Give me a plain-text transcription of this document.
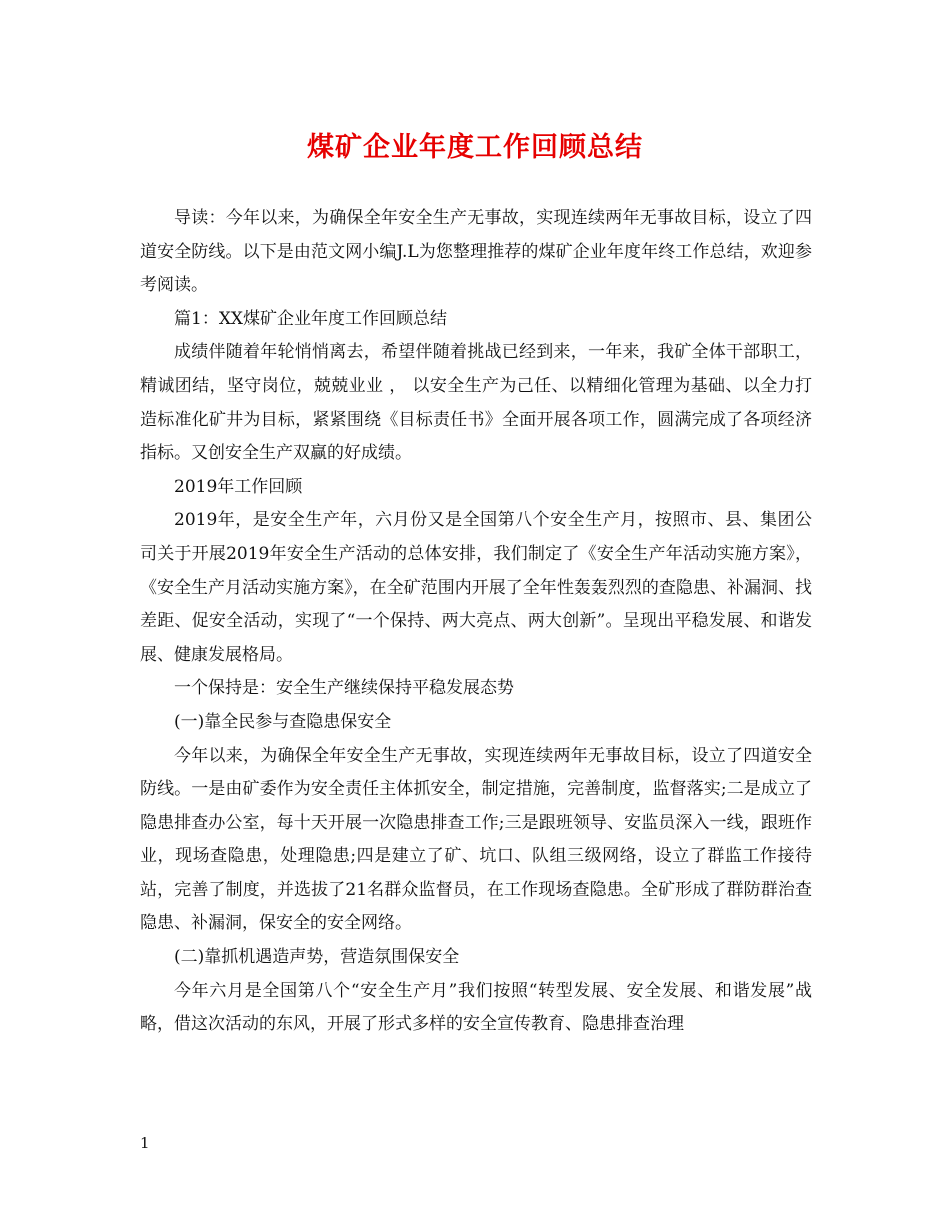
煤矿企业年度工作回顾总结

导读：今年以来，为确保全年安全生产无事故，实现连续两年无事故目标，设立了四道安全防线。以下是由范文网小编J.L为您整理推荐的煤矿企业年度年终工作总结，欢迎参考阅读。

篇1：XX煤矿企业年度工作回顾总结

成绩伴随着年轮悄悄离去，希望伴随着挑战已经到来，一年来，我矿全体干部职工，精诚团结，坚守岗位，兢兢业业 ， 以安全生产为己任、以精细化管理为基础、以全力打造标准化矿井为目标，紧紧围绕《目标责任书》全面开展各项工作，圆满完成了各项经济指标。又创安全生产双赢的好成绩。

2019年工作回顾

2019年，是安全生产年，六月份又是全国第八个安全生产月，按照市、县、集团公司关于开展2019年安全生产活动的总体安排，我们制定了《安全生产年活动实施方案》，《安全生产月活动实施方案》，在全矿范围内开展了全年性轰轰烈烈的查隐患、补漏洞、找差距、促安全活动，实现了“一个保持、两大亮点、两大创新”。呈现出平稳发展、和谐发展、健康发展格局。

一个保持是：安全生产继续保持平稳发展态势

(一)靠全民参与查隐患保安全

今年以来，为确保全年安全生产无事故，实现连续两年无事故目标，设立了四道安全防线。一是由矿委作为安全责任主体抓安全，制定措施，完善制度，监督落实;二是成立了隐患排查办公室，每十天开展一次隐患排查工作;三是跟班领导、安监员深入一线，跟班作业，现场查隐患，处理隐患;四是建立了矿、坑口、队组三级网络，设立了群监工作接待站，完善了制度，并选拔了21名群众监督员，在工作现场查隐患。全矿形成了群防群治查隐患、补漏洞，保安全的安全网络。

(二)靠抓机遇造声势，营造氛围保安全

今年六月是全国第八个“安全生产月”我们按照“转型发展、安全发展、和谐发展”战略，借这次活动的东风，开展了形式多样的安全宣传教育、隐患排查治理

1
